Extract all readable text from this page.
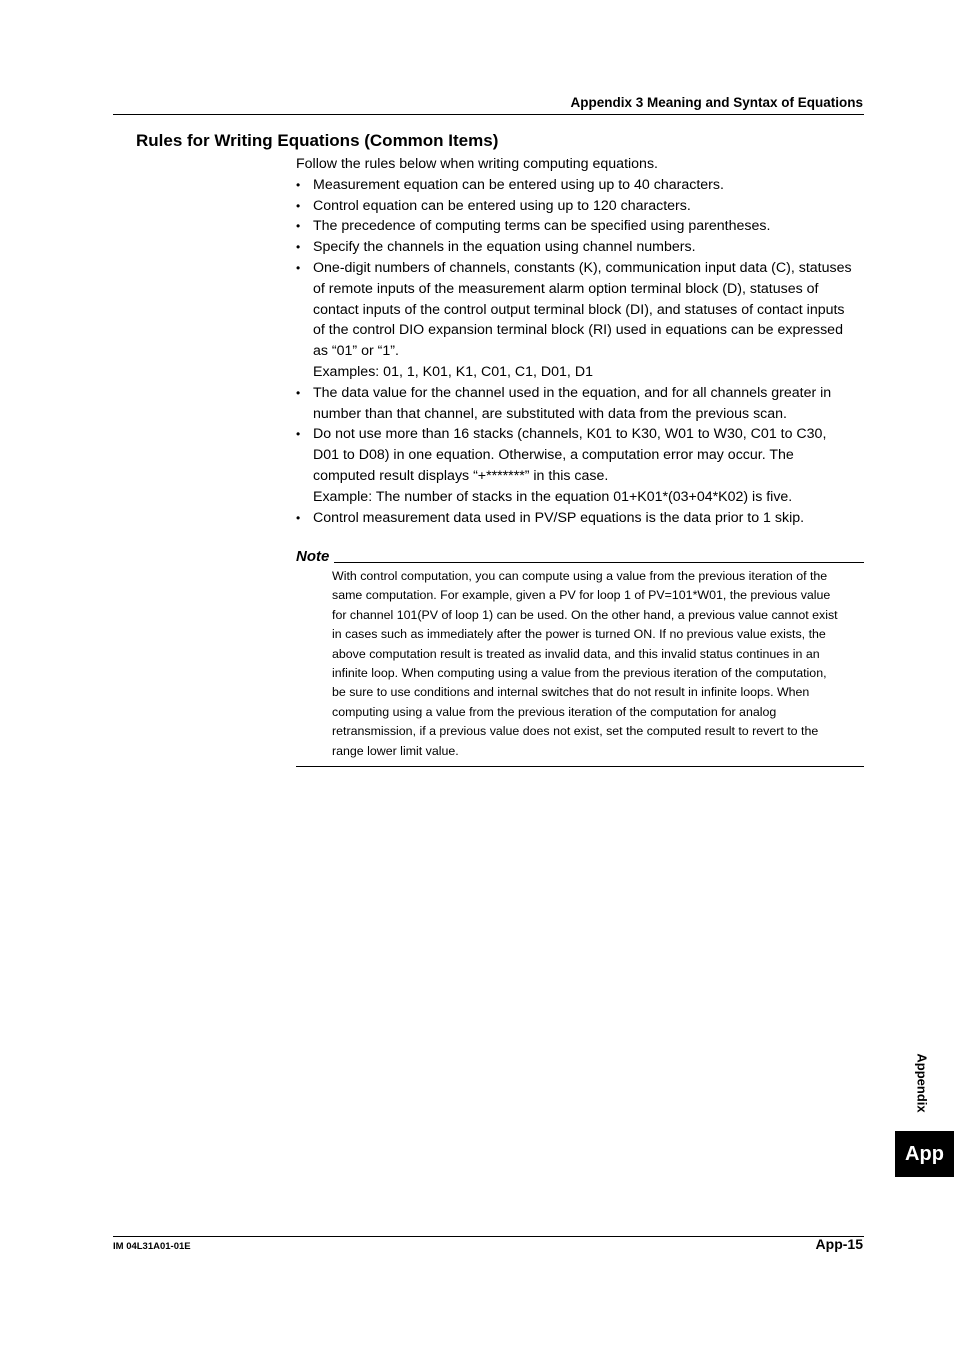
Appendix 3 Meaning and Syntax of Equations
Rules for Writing Equations (Common Items)

Follow the rules below when writing computing equations.

• Measurement equation can be entered using up to 40 characters.
• Control equation can be entered using up to 120 characters.
• The precedence of computing terms can be specified using parentheses.
• Specify the channels in the equation using channel numbers.
• One-digit numbers of channels, constants (K), communication input data (C), statuses
of remote inputs of the measurement alarm option terminal block (D), statuses of
contact inputs of the control output terminal block (DI), and statuses of contact inputs
of the control DIO expansion terminal block (RI) used in equations can be expressed
as “01” or “1”.
Examples: 01, 1, K01, K1, C01, C1, D01, D1
• The data value for the channel used in the equation, and for all channels greater in
number than that channel, are substituted with data from the previous scan.
• Do not use more than 16 stacks (channels, K01 to K30, W01 to W30, C01 to C30,
D01 to D08) in one equation. Otherwise, a computation error may occur. The
computed result displays “+*******” in this case.
Example: The number of stacks in the equation 01+K01*(03+04*K02) is five.
• Control measurement data used in PV/SP equations is the data prior to 1 skip.
Note
With control computation, you can compute using a value from the previous iteration of the
same computation. For example, given a PV for loop 1 of PV=101*W01, the previous value
for channel 101(PV of loop 1) can be used. On the other hand, a previous value cannot exist
in cases such as immediately after the power is turned ON. If no previous value exists, the
above computation result is treated as invalid data, and this invalid status continues in an
infinite loop. When computing using a value from the previous iteration of the computation,
be sure to use conditions and internal switches that do not result in infinite loops. When
computing using a value from the previous iteration of the computation for analog
retransmission, if a previous value does not exist, set the computed result to revert to the
range lower limit value.
Appendix
App
IM 04L31A01-01E	App-15
